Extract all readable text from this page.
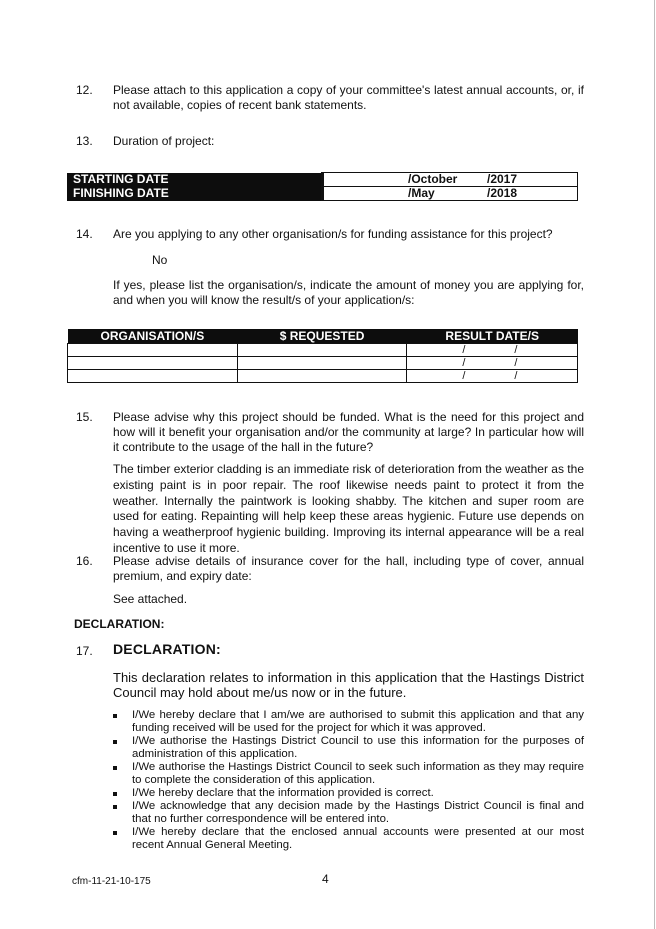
12. Please attach to this application a copy of your committee's latest annual accounts, or, if not available, copies of recent bank statements.
13. Duration of project:
STARTING DATE	/October /2017

FINISHING DATE	/May /2018
14. Are you applying to any other organisation/s for funding assistance for this project?
No
If yes, please list the organisation/s, indicate the amount of money you are applying for, and when you will know the result/s of your application/s:
ORGANISATION/S	$ REQUESTED	RESULT DATE/S

		/ /

		/ /

		/ /
15. Please advise why this project should be funded. What is the need for this project and how will it benefit your organisation and/or the community at large? In particular how will it contribute to the usage of the hall in the future?
The timber exterior cladding is an immediate risk of deterioration from the weather as the existing paint is in poor repair. The roof likewise needs paint to protect it from the weather. Internally the paintwork is looking shabby. The kitchen and super room are used for eating. Repainting will help keep these areas hygienic. Future use depends on having a weatherproof hygienic building. Improving its internal appearance will be a real incentive to use it more.
16. Please advise details of insurance cover for the hall, including type of cover, annual premium, and expiry date:
See attached.
DECLARATION:
17. DECLARATION:
This declaration relates to information in this application that the Hastings District Council may hold about me/us now or in the future.
I/We hereby declare that I am/we are authorised to submit this application and that any funding received will be used for the project for which it was approved.
I/We authorise the Hastings District Council to use this information for the purposes of administration of this application.
I/We authorise the Hastings District Council to seek such information as they may require to complete the consideration of this application.
I/We hereby declare that the information provided is correct.
I/We acknowledge that any decision made by the Hastings District Council is final and that no further correspondence will be entered into.
I/We hereby declare that the enclosed annual accounts were presented at our most recent Annual General Meeting.
cfm-11-21-10-175	4
